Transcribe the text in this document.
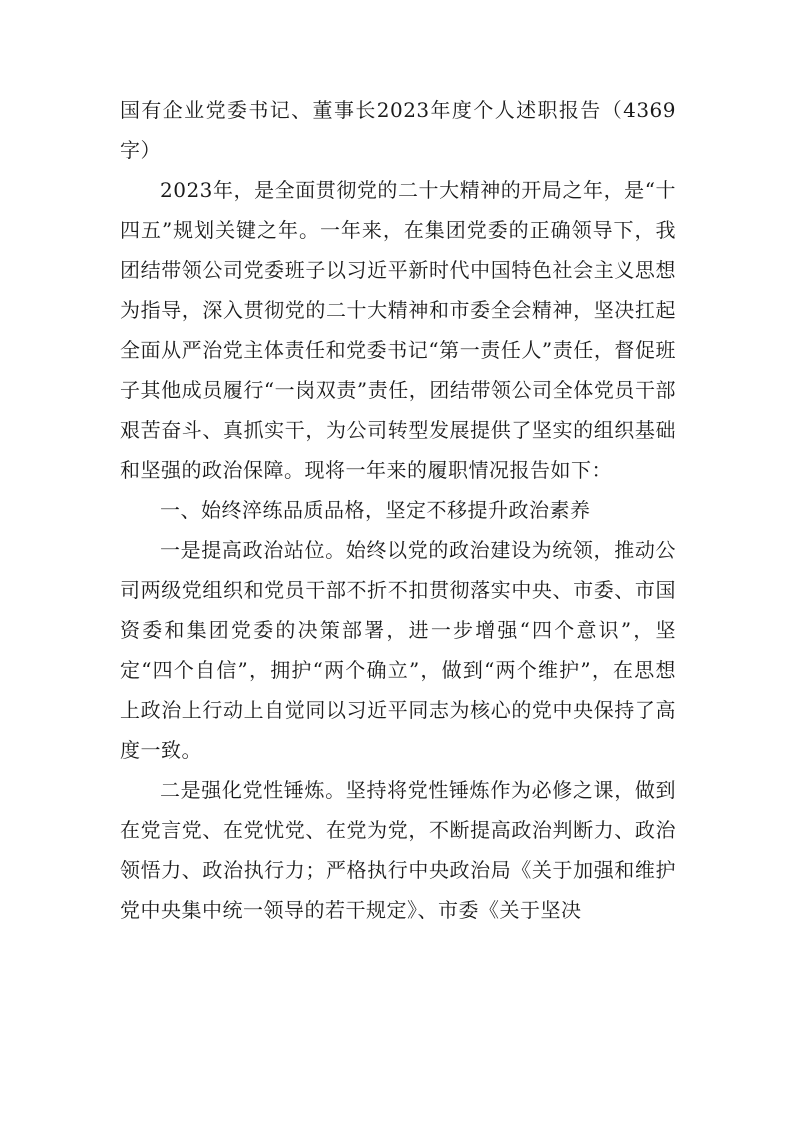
国有企业党委书记、董事长2023年度个人述职报告（4369字）

2023年，是全面贯彻党的二十大精神的开局之年，是“十四五”规划关键之年。一年来，在集团党委的正确领导下，我团结带领公司党委班子以习近平新时代中国特色社会主义思想为指导，深入贯彻党的二十大精神和市委全会精神，坚决扛起全面从严治党主体责任和党委书记“第一责任人”责任，督促班子其他成员履行“一岗双责”责任，团结带领公司全体党员干部艰苦奋斗、真抓实干，为公司转型发展提供了坚实的组织基础和坚强的政治保障。现将一年来的履职情况报告如下：

一、始终淬练品质品格，坚定不移提升政治素养

一是提高政治站位。始终以党的政治建设为统领，推动公司两级党组织和党员干部不折不扣贯彻落实中央、市委、市国资委和集团党委的决策部署，进一步增强“四个意识”，坚定“四个自信”，拥护“两个确立”，做到“两个维护”，在思想上政治上行动上自觉同以习近平同志为核心的党中央保持了高度一致。

二是强化党性锤炼。坚持将党性锤炼作为必修之课，做到在党言党、在党忧党、在党为党，不断提高政治判断力、政治领悟力、政治执行力；严格执行中央政治局《关于加强和维护党中央集中统一领导的若干规定》、市委《关于坚决
